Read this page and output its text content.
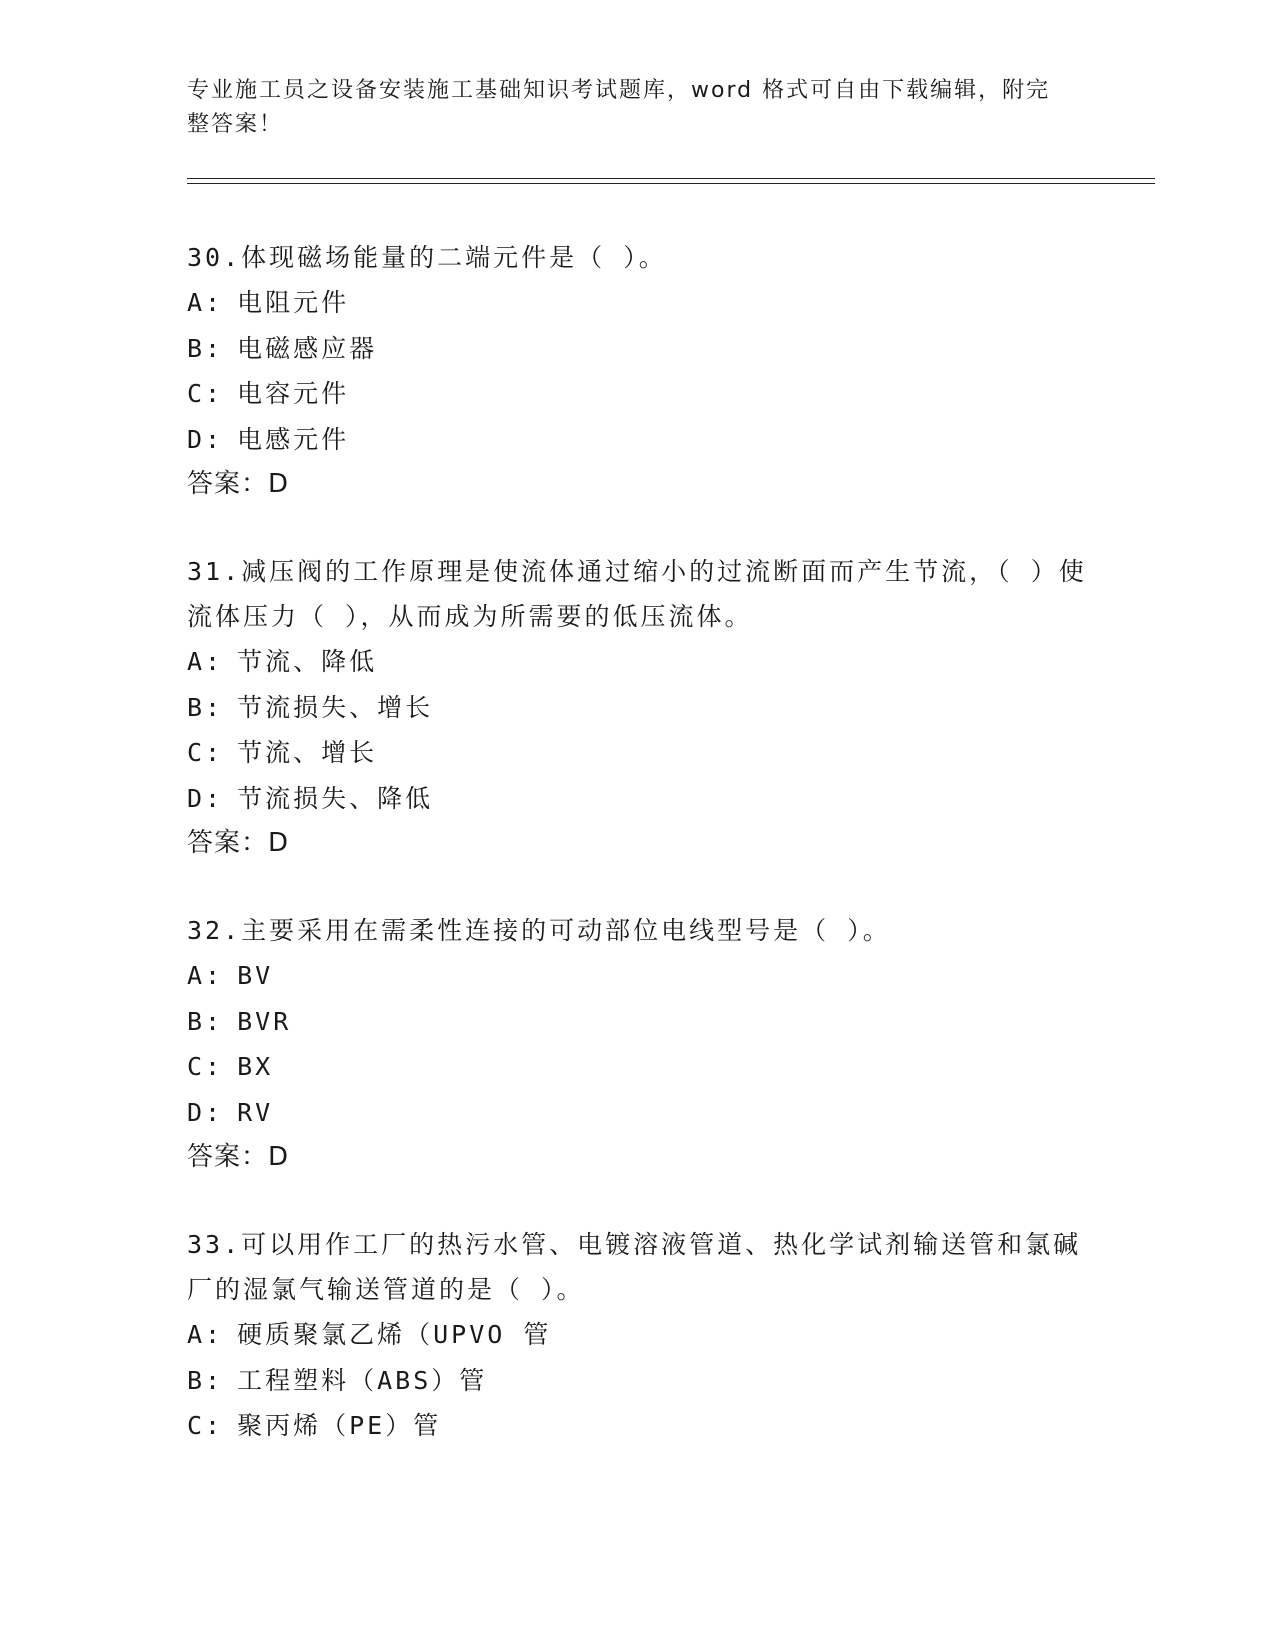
专业施工员之设备安装施工基础知识考试题库，word 格式可自由下载编辑，附完整答案！

30.体现磁场能量的二端元件是（ ）。

A: 电阻元件
B: 电磁感应器
C: 电容元件
D: 电感元件
答案：D

31.减压阀的工作原理是使流体通过缩小的过流断面而产生节流，（ ）使流体压力（ ），从而成为所需要的低压流体。

A: 节流、降低
B: 节流损失、增长
C: 节流、增长
D: 节流损失、降低
答案：D

32.主要采用在需柔性连接的可动部位电线型号是（ ）。

A: BV
B: BVR
C: BX
D: RV
答案：D

33.可以用作工厂的热污水管、电镀溶液管道、热化学试剂输送管和氯碱厂的湿氯气输送管道的是（ ）。

A: 硬质聚氯乙烯（UPVO 管
B: 工程塑料（ABS）管
C: 聚丙烯（PE）管
